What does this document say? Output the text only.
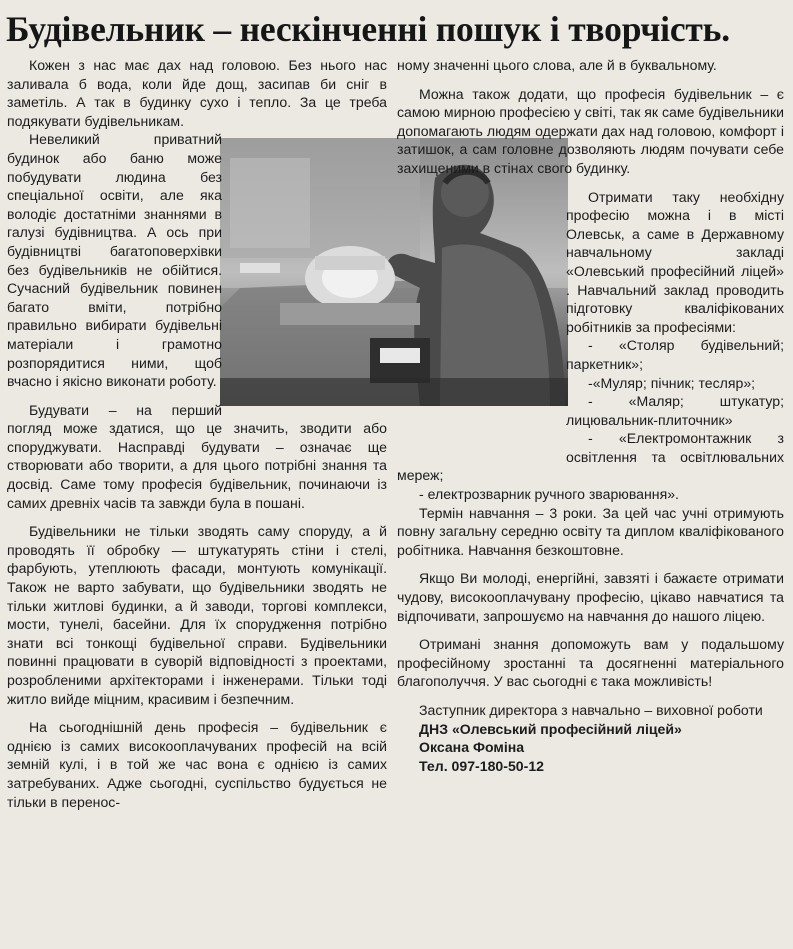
Будівельник – нескінченні пошук і творчість.

Кожен з нас має дах над головою. Без нього нас заливала б вода, коли йде дощ, засипав би сніг в заметіль. А так в будинку сухо і тепло. За це треба подякувати будівельникам.

Невеликий приватний будинок або баню може побудувати людина без спеціальної освіти, але яка володіє достатніми знаннями в галузі будівництва. А ось при будівництві багатоповерхівки без будівельників не обійтися. Сучасний будівельник повинен багато вміти, потрібно правильно вибирати будівельні матеріали і грамотно розпорядитися ними, щоб вчасно і якісно виконати роботу.

Будувати – на перший погляд може здатися, що це значить, зводити або споруджувати. Насправді будувати – означає ще створювати або творити, а для цього потрібні знання та досвід. Саме тому професія будівельник, починаючи із самих древніх часів та завжди була в пошані.

Будівельники не тільки зводять саму споруду, а й проводять її обробку — штукатурять стіни і стелі, фарбують, утеплюють фасади, монтують комунікації. Також не варто забувати, що будівельники зводять не тільки житлові будинки, а й заводи, торгові комплекси, мости, тунелі, басейни. Для їх спорудження потрібно знати всі тонкощі будівельної справи. Будівельники повинні працювати в суворій відповідності з проектами, розробленими архітекторами і інженерами. Тільки тоді житло вийде міцним, красивим і безпечним.

На сьогоднішній день професія – будівельник є однією із самих високооплачуваних професій на всій земній кулі, і в той же час вона є однією із самих затребуваних. Адже сьогодні, суспільство будується не тільки в переноc-

ному значенні цього слова, але й в буквальному.

Можна також додати, що професія будівельник – є самою мирною професією у світі, так як саме будівельники допомагають людям одержати дах над головою, комфорт і затишок, а сам головне дозволяють людям почувати себе захищеними в стінах свого будинку.

Отримати таку необхідну професію можна і в місті Олевськ, а саме в Державному навчальному закладі «Олевський професійний ліцей» . Навчальний заклад проводить підготовку кваліфікованих робітників за професіями:

- «Столяр будівельний; паркетник»;

-«Муляр; пічник; тесляр»;

- «Маляр; штукатур; лицювальник-плиточник»

- «Електромонтажник з освітлення та освітлювальних мереж;

- електрозварник ручного зварювання».

Термін навчання – 3 роки. За цей час учні отримують повну загальну середню освіту та диплом кваліфікованого робітника. Навчання безкоштовне.

Якщо Ви молоді, енергійні, завзяті і бажаєте отримати чудову, високооплачувану професію, цікаво навчатися та відпочивати, запрошуємо на навчання до нашого ліцею.

Отримані знання допоможуть вам у подальшому професійному зростанні та досягненні матеріального благополуччя. У вас сьогодні є така можливість!

Заступник директора з навчально – виховної роботи

ДНЗ «Олевський професійний ліцей»

Оксана Фоміна

Тел. 097-180-50-12
